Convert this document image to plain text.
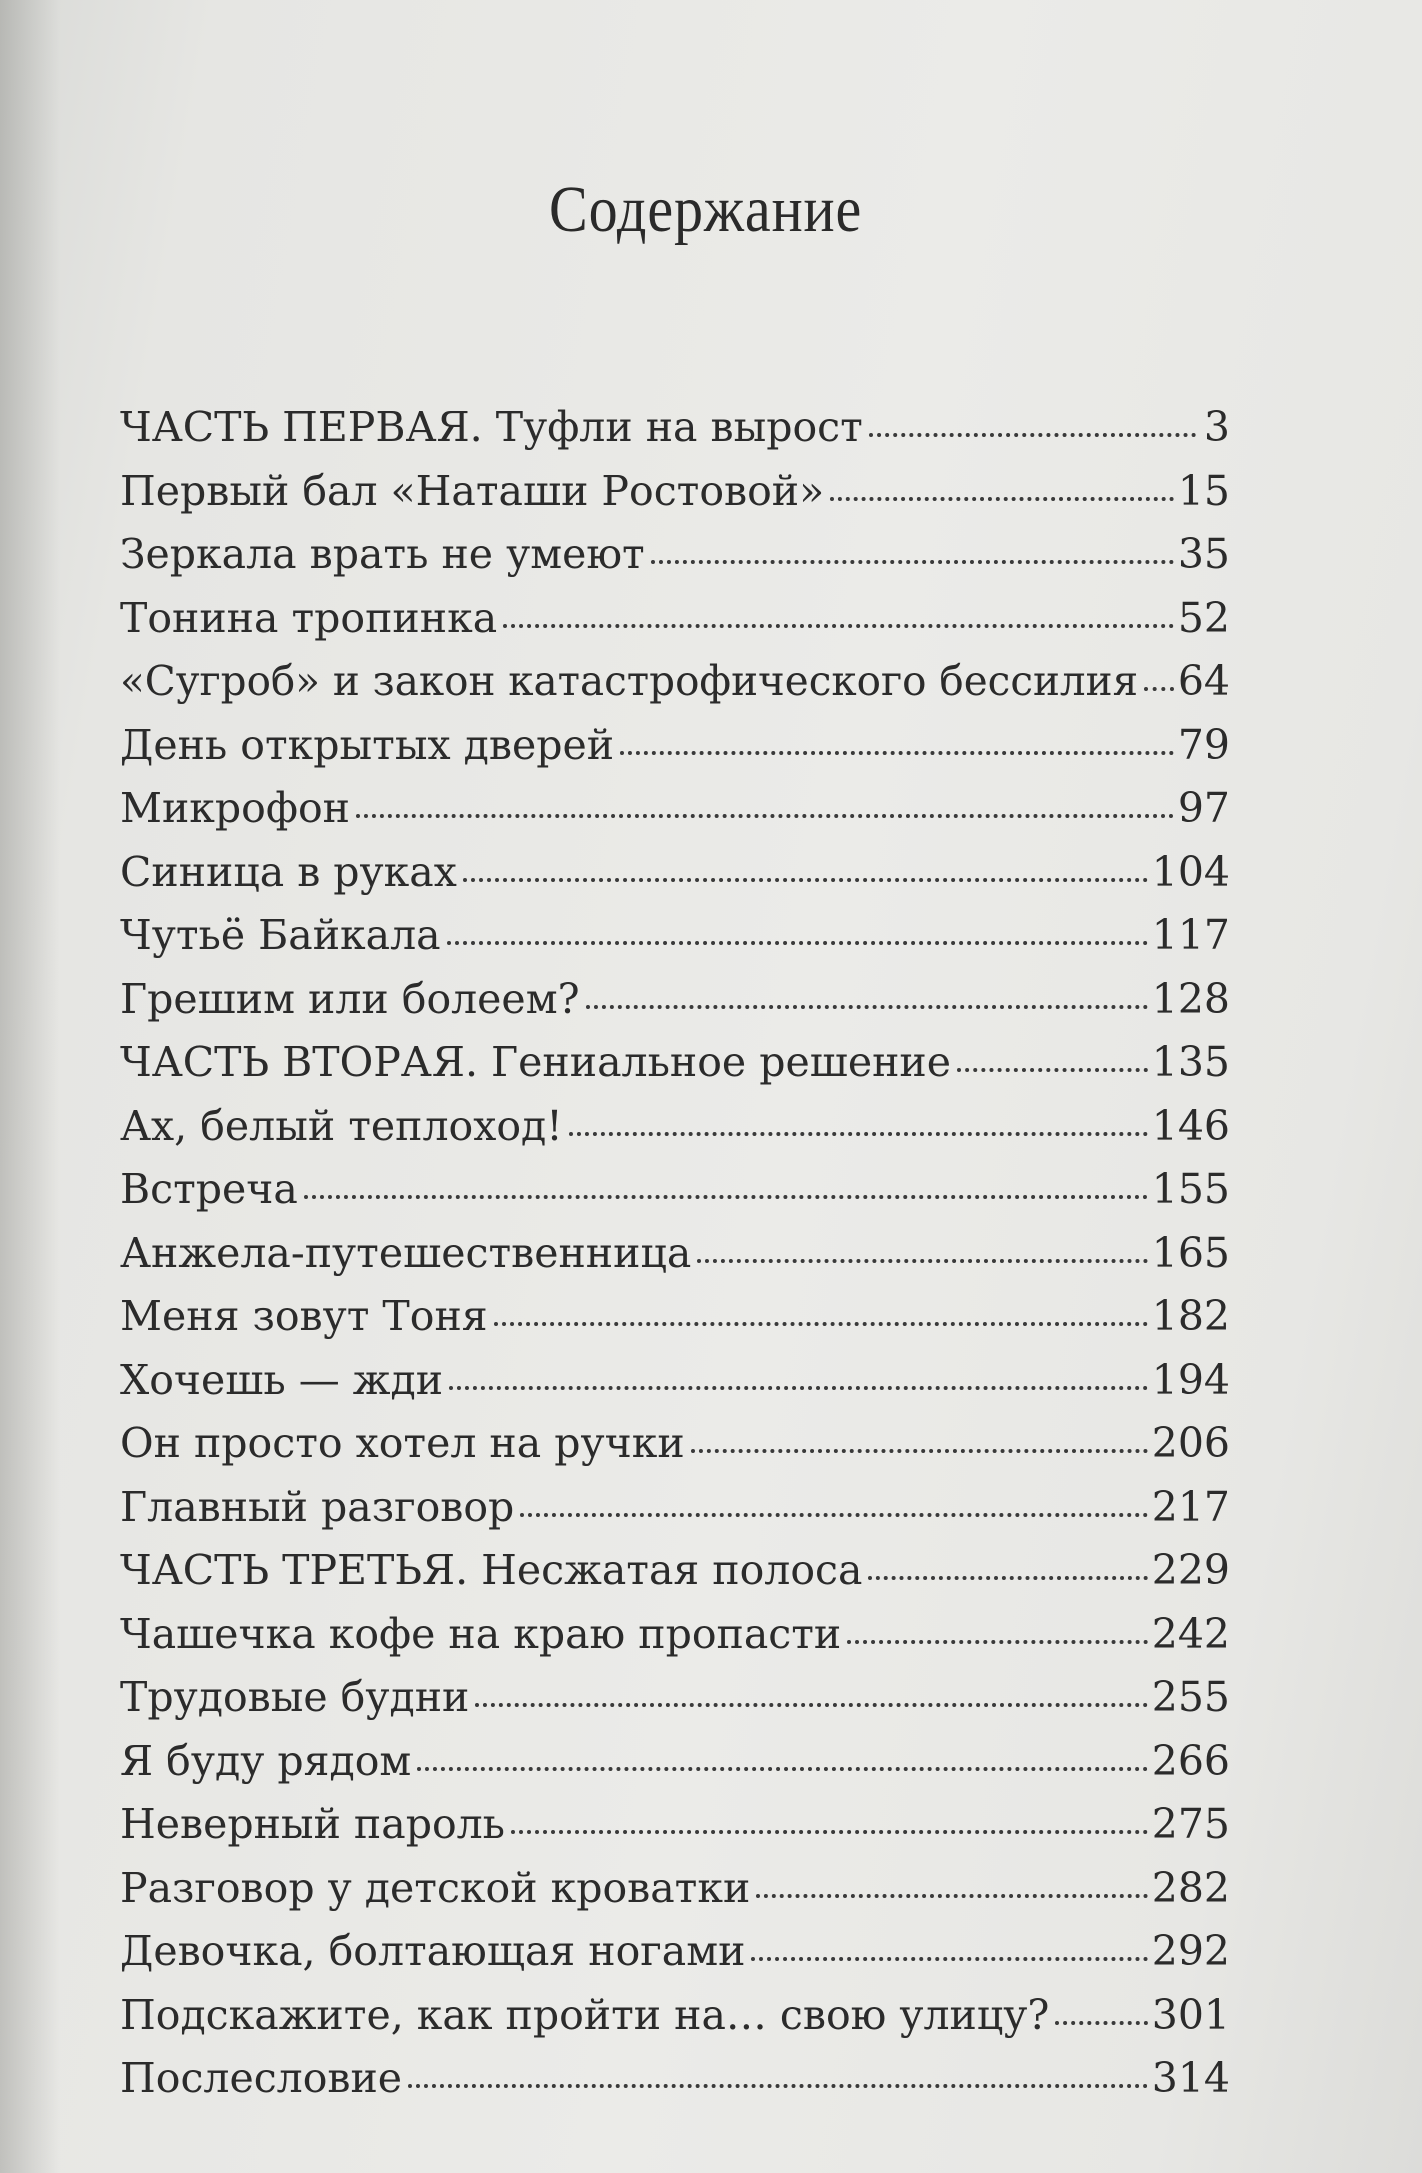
Содержание
ЧАСТЬ ПЕРВАЯ. Туфли на вырост	3
Первый бал «Наташи Ростовой»	15
Зеркала врать не умеют	35
Тонина тропинка	52
«Сугроб» и закон катастрофического бессилия 64
День открытых дверей	79
Микрофон	97
Синица в руках	104
Чутьё Байкала	117
Грешим или болеем?	128
ЧАСТЬ ВТОРАЯ. Гениальное решение	135
Ах, белый теплоход!	146
Встреча	155
Анжела-путешественница	165
Меня зовут Тоня	182
Хочешь — жди	194
Он просто хотел на ручки	206
Главный разговор	217
ЧАСТЬ ТРЕТЬЯ. Несжатая полоса	229
Чашечка кофе на краю пропасти	242
Трудовые будни	255
Я буду рядом	266
Неверный пароль	275
Разговор у детской кроватки	282
Девочка, болтающая ногами	292
Подскажите, как пройти на… свою улицу? 301
Послесловие	314
